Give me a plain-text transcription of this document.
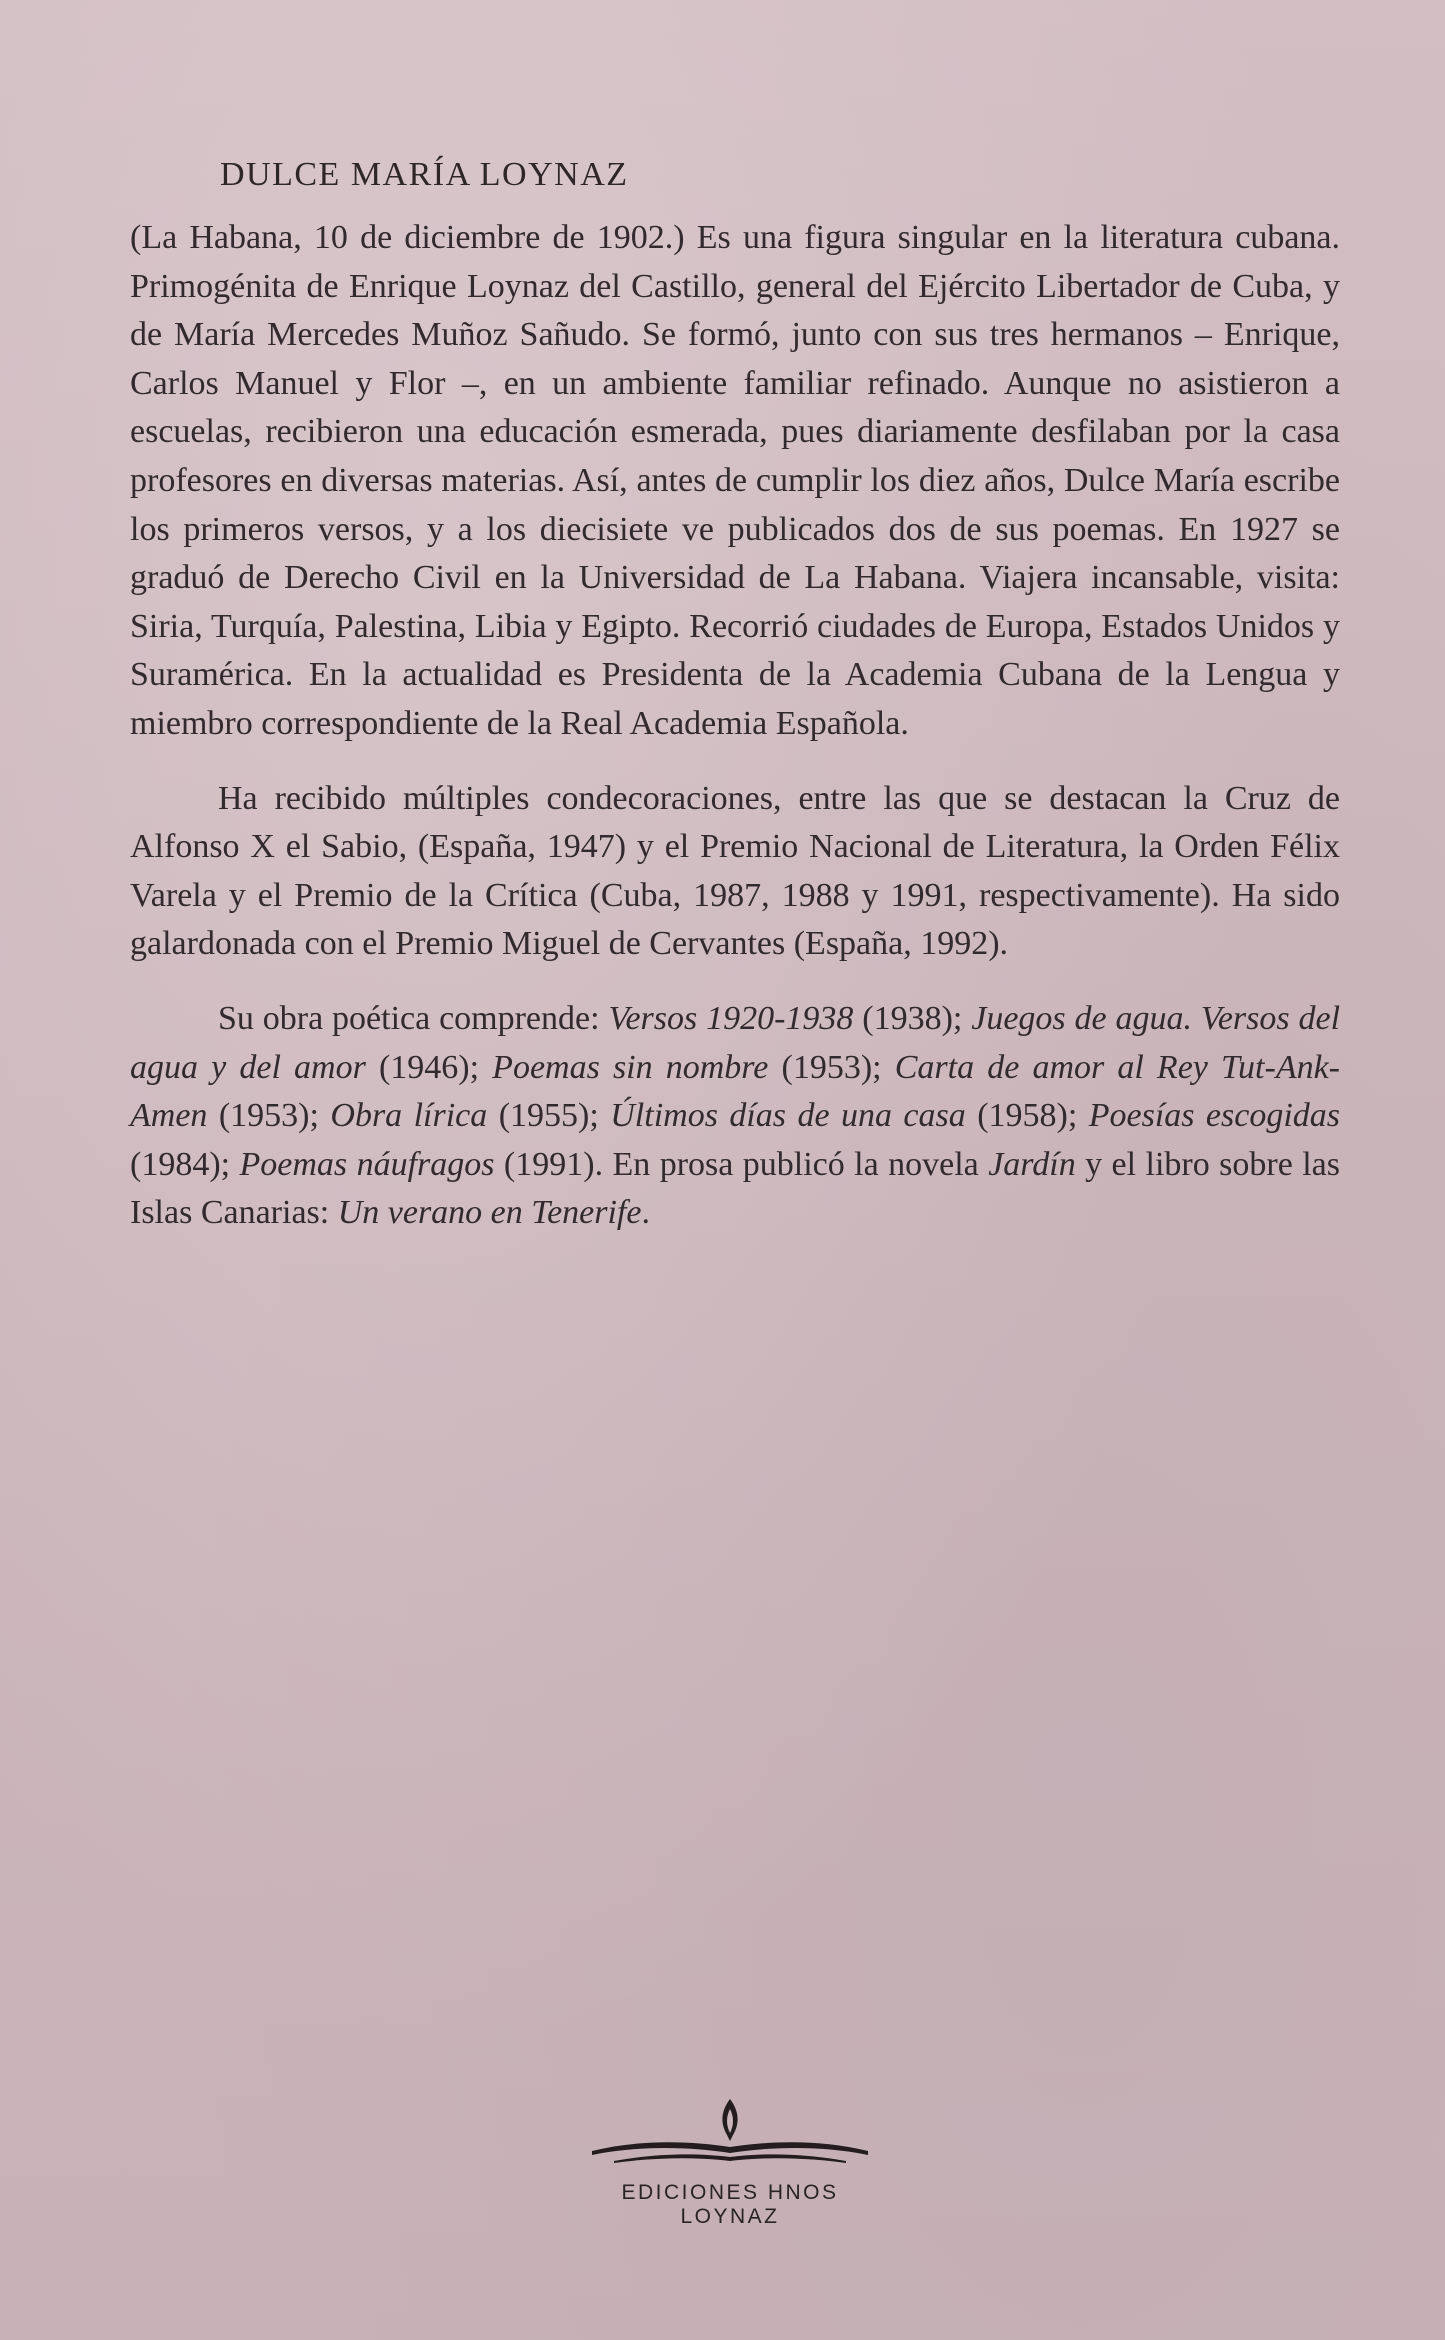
DULCE MARÍA LOYNAZ

(La Habana, 10 de diciembre de 1902.) Es una figura singular en la literatura cubana. Primogénita de Enrique Loynaz del Castillo, general del Ejército Libertador de Cuba, y de María Mercedes Muñoz Sañudo. Se formó, junto con sus tres hermanos – Enrique, Carlos Manuel y Flor –, en un ambiente familiar refinado. Aunque no asistieron a escuelas, recibieron una educación esmerada, pues diariamente desfilaban por la casa profesores en diversas materias. Así, antes de cumplir los diez años, Dulce María escribe los primeros versos, y a los diecisiete ve publicados dos de sus poemas. En 1927 se graduó de Derecho Civil en la Universidad de La Habana. Viajera incansable, visita: Siria, Turquía, Palestina, Libia y Egipto. Recorrió ciudades de Europa, Estados Unidos y Suramérica. En la actualidad es Presidenta de la Academia Cubana de la Lengua y miembro correspondiente de la Real Academia Española.

Ha recibido múltiples condecoraciones, entre las que se destacan la Cruz de Alfonso X el Sabio, (España, 1947) y el Premio Nacional de Literatura, la Orden Félix Varela y el Premio de la Crítica (Cuba, 1987, 1988 y 1991, respectivamente). Ha sido galardonada con el Premio Miguel de Cervantes (España, 1992).

Su obra poética comprende: Versos 1920-1938 (1938); Juegos de agua. Versos del agua y del amor (1946); Poemas sin nombre (1953); Carta de amor al Rey Tut-Ank-Amen (1953); Obra lírica (1955); Últimos días de una casa (1958); Poesías escogidas (1984); Poemas náufragos (1991). En prosa publicó la novela Jardín y el libro sobre las Islas Canarias: Un verano en Tenerife.

EDICIONES HNOS LOYNAZ
